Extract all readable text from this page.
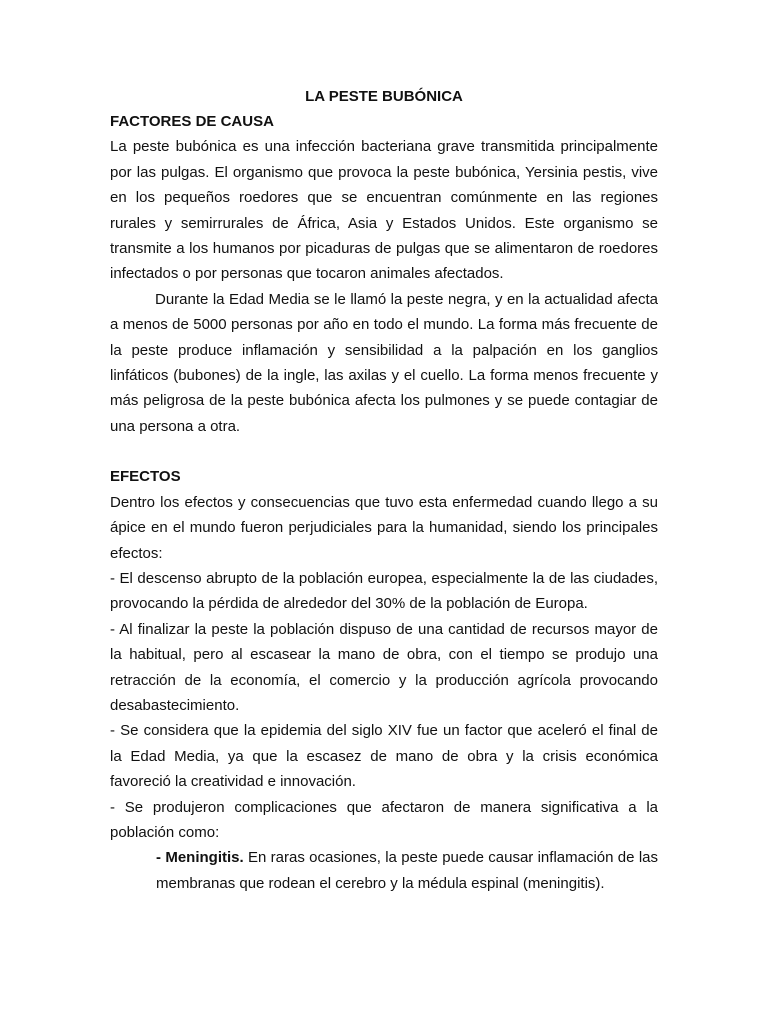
LA PESTE BUBÓNICA

FACTORES DE CAUSA

La peste bubónica es una infección bacteriana grave transmitida principalmente por las pulgas. El organismo que provoca la peste bubónica, Yersinia pestis, vive en los pequeños roedores que se encuentran comúnmente en las regiones rurales y semirrurales de África, Asia y Estados Unidos. Este organismo se transmite a los humanos por picaduras de pulgas que se alimentaron de roedores infectados o por personas que tocaron animales afectados.

Durante la Edad Media se le llamó la peste negra, y en la actualidad afecta a menos de 5000 personas por año en todo el mundo. La forma más frecuente de la peste produce inflamación y sensibilidad a la palpación en los ganglios linfáticos (bubones) de la ingle, las axilas y el cuello. La forma menos frecuente y más peligrosa de la peste bubónica afecta los pulmones y se puede contagiar de una persona a otra.

EFECTOS

Dentro los efectos y consecuencias que tuvo esta enfermedad cuando llego a su ápice en el mundo fueron perjudiciales para la humanidad, siendo los principales efectos:

- El descenso abrupto de la población europea, especialmente la de las ciudades, provocando la pérdida de alrededor del 30% de la población de Europa.

- Al finalizar la peste la población dispuso de una cantidad de recursos mayor de la habitual, pero al escasear la mano de obra, con el tiempo se produjo una retracción de la economía, el comercio y la producción agrícola provocando desabastecimiento.

- Se considera que la epidemia del siglo XIV fue un factor que aceleró el final de la Edad Media, ya que la escasez de mano de obra y la crisis económica favoreció la creatividad e innovación.

- Se produjeron complicaciones que afectaron de manera significativa a la población como:

- Meningitis. En raras ocasiones, la peste puede causar inflamación de las membranas que rodean el cerebro y la médula espinal (meningitis).
